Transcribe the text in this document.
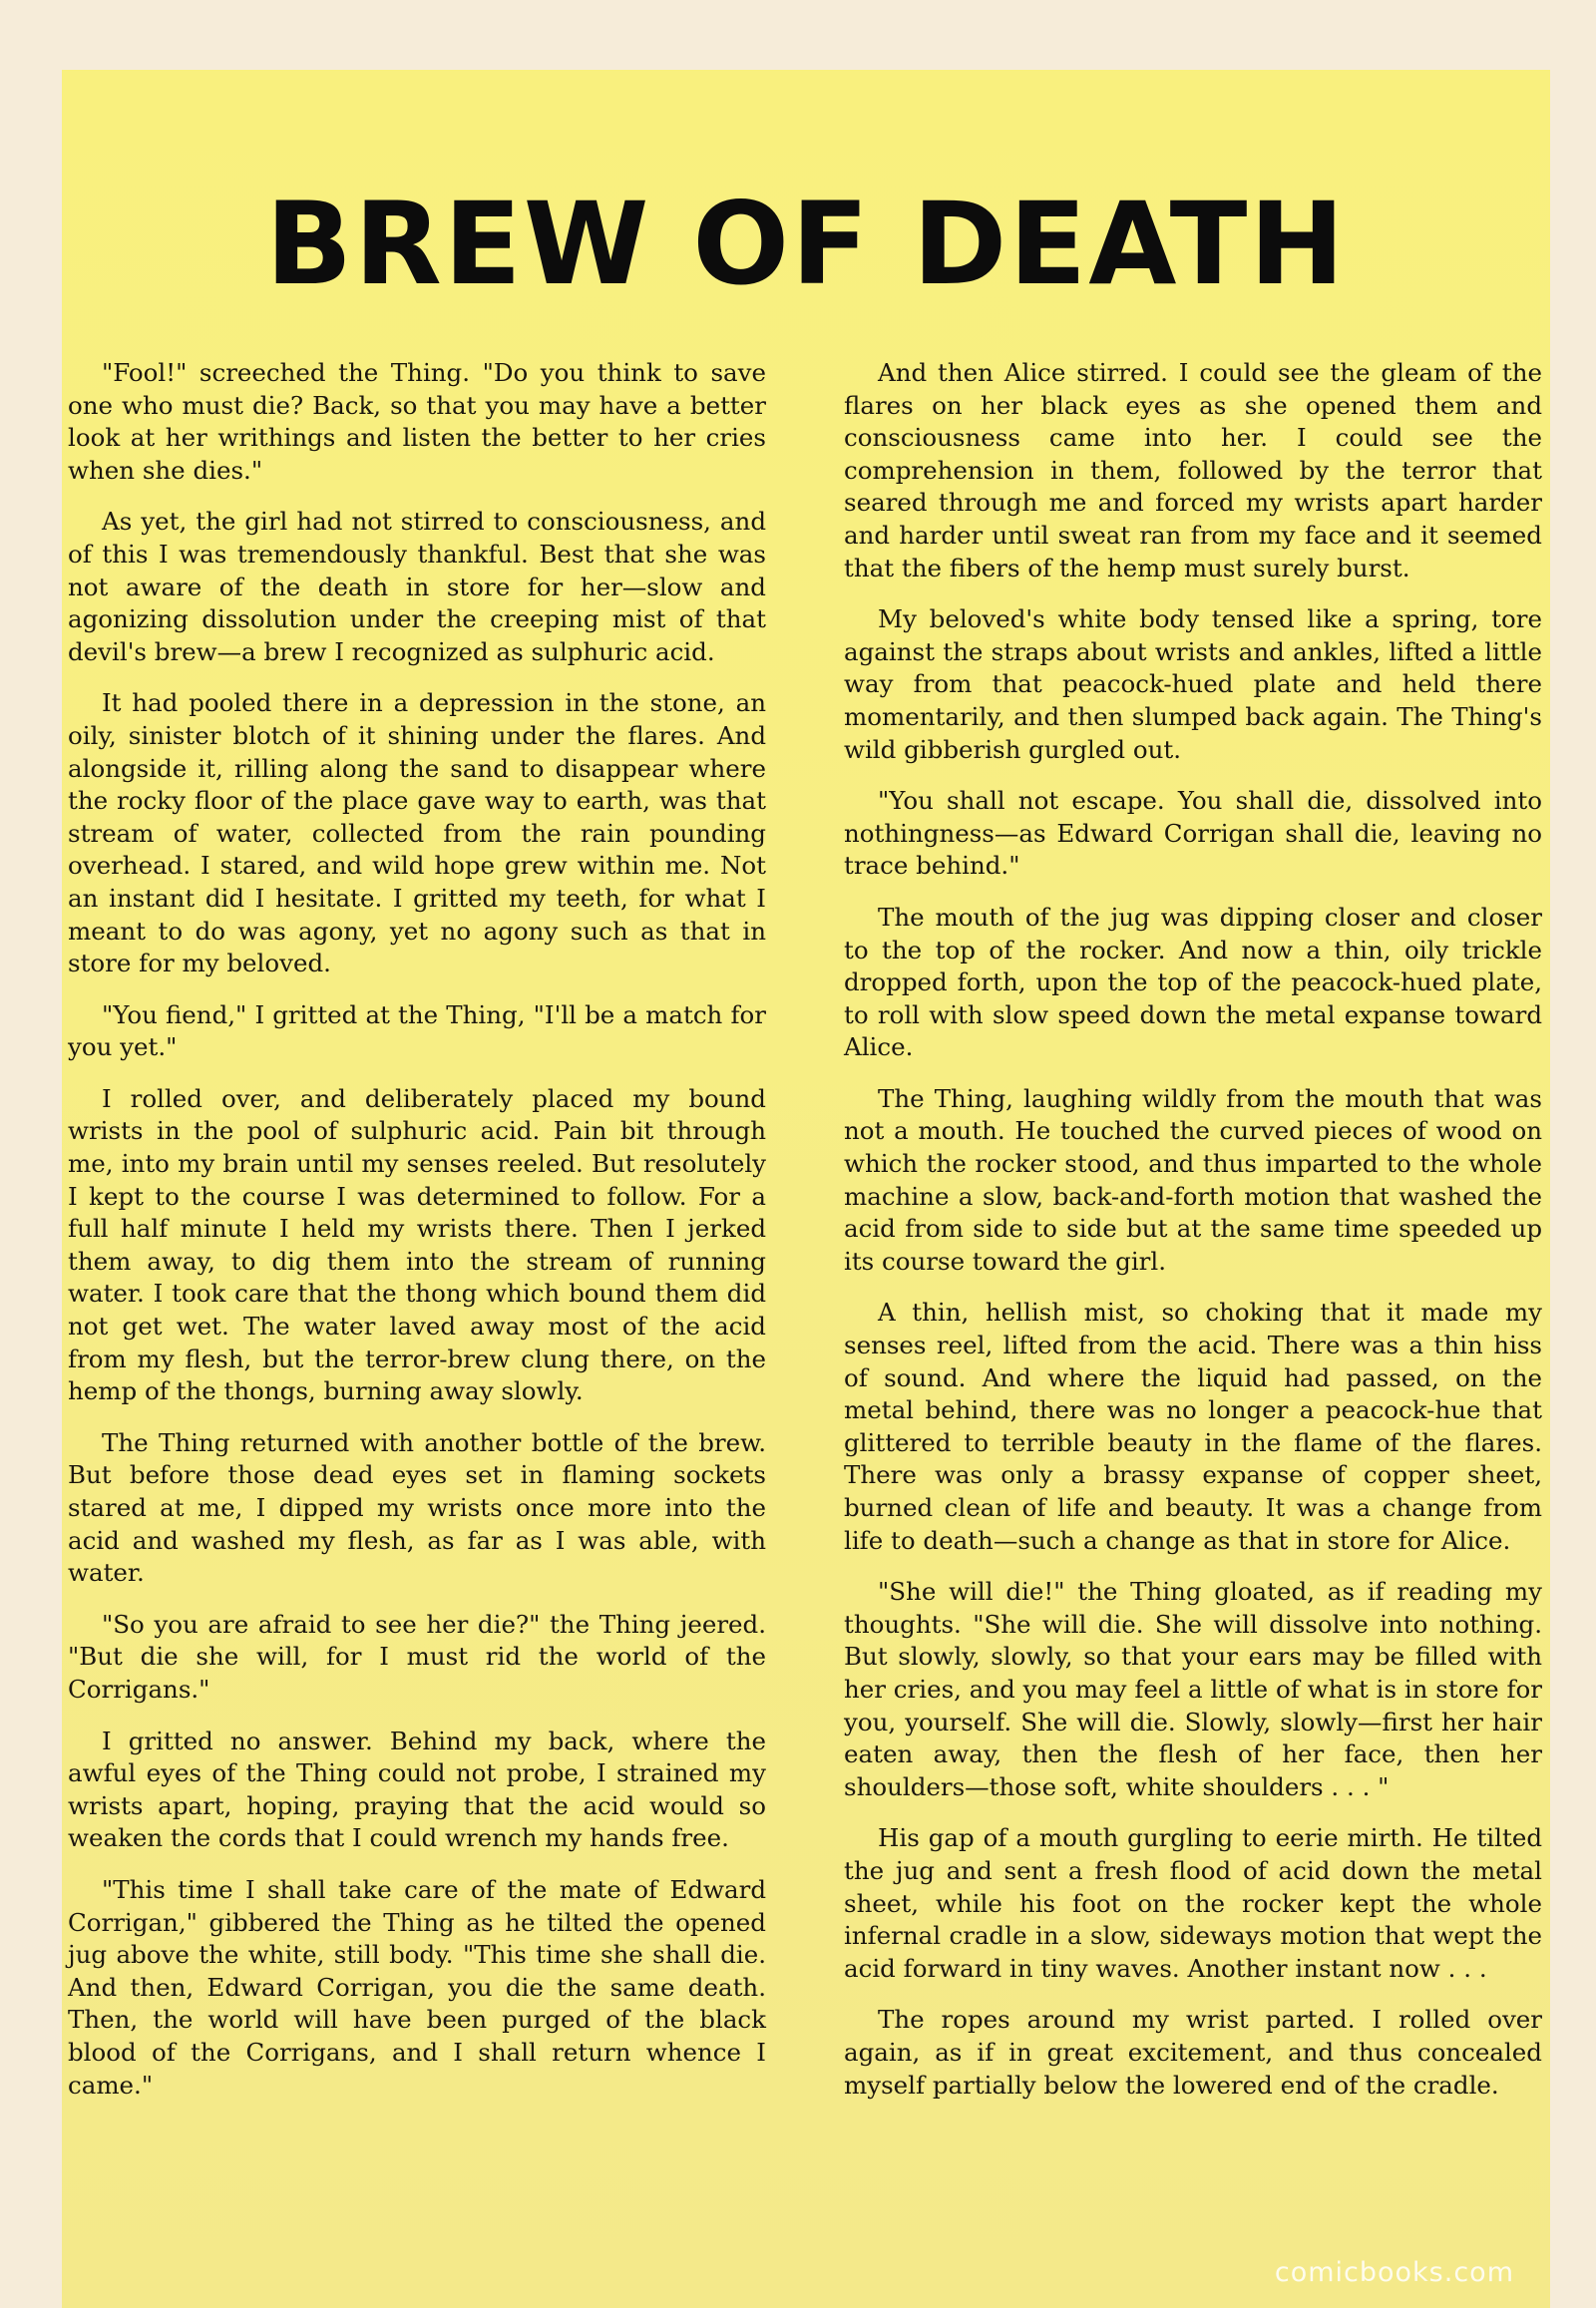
BREW OF DEATH

"Fool!" screeched the Thing. "Do you think to save one who must die? Back, so that you may have a better look at her writhings and listen the better to her cries when she dies."

As yet, the girl had not stirred to consciousness, and of this I was tremendously thankful. Best that she was not aware of the death in store for her—slow and agonizing dissolution under the creeping mist of that devil's brew—a brew I recognized as sulphuric acid.

It had pooled there in a depression in the stone, an oily, sinister blotch of it shining under the flares. And alongside it, rilling along the sand to disappear where the rocky floor of the place gave way to earth, was that stream of water, collected from the rain pounding overhead. I stared, and wild hope grew within me. Not an instant did I hesitate. I gritted my teeth, for what I meant to do was agony, yet no agony such as that in store for my beloved.

"You fiend," I gritted at the Thing, "I'll be a match for you yet."

I rolled over, and deliberately placed my bound wrists in the pool of sulphuric acid. Pain bit through me, into my brain until my senses reeled. But resolutely I kept to the course I was determined to follow. For a full half minute I held my wrists there. Then I jerked them away, to dig them into the stream of running water. I took care that the thong which bound them did not get wet. The water laved away most of the acid from my flesh, but the terror-brew clung there, on the hemp of the thongs, burning away slowly.

The Thing returned with another bottle of the brew. But before those dead eyes set in flaming sockets stared at me, I dipped my wrists once more into the acid and washed my flesh, as far as I was able, with water.

"So you are afraid to see her die?" the Thing jeered. "But die she will, for I must rid the world of the Corrigans."

I gritted no answer. Behind my back, where the awful eyes of the Thing could not probe, I strained my wrists apart, hoping, praying that the acid would so weaken the cords that I could wrench my hands free.

"This time I shall take care of the mate of Edward Corrigan," gibbered the Thing as he tilted the opened jug above the white, still body. "This time she shall die. And then, Edward Corrigan, you die the same death. Then, the world will have been purged of the black blood of the Corrigans, and I shall return whence I came."

And then Alice stirred. I could see the gleam of the flares on her black eyes as she opened them and consciousness came into her. I could see the comprehension in them, followed by the terror that seared through me and forced my wrists apart harder and harder until sweat ran from my face and it seemed that the fibers of the hemp must surely burst.

My beloved's white body tensed like a spring, tore against the straps about wrists and ankles, lifted a little way from that peacock-hued plate and held there momentarily, and then slumped back again. The Thing's wild gibberish gurgled out.

"You shall not escape. You shall die, dissolved into nothingness—as Edward Corrigan shall die, leaving no trace behind."

The mouth of the jug was dipping closer and closer to the top of the rocker. And now a thin, oily trickle dropped forth, upon the top of the peacock-hued plate, to roll with slow speed down the metal expanse toward Alice.

The Thing, laughing wildly from the mouth that was not a mouth. He touched the curved pieces of wood on which the rocker stood, and thus imparted to the whole machine a slow, back-and-forth motion that washed the acid from side to side but at the same time speeded up its course toward the girl.

A thin, hellish mist, so choking that it made my senses reel, lifted from the acid. There was a thin hiss of sound. And where the liquid had passed, on the metal behind, there was no longer a peacock-hue that glittered to terrible beauty in the flame of the flares. There was only a brassy expanse of copper sheet, burned clean of life and beauty. It was a change from life to death—such a change as that in store for Alice.

"She will die!" the Thing gloated, as if reading my thoughts. "She will die. She will dissolve into nothing. But slowly, slowly, so that your ears may be filled with her cries, and you may feel a little of what is in store for you, yourself. She will die. Slowly, slowly—first her hair eaten away, then the flesh of her face, then her shoulders—those soft, white shoulders . . . "

His gap of a mouth gurgling to eerie mirth. He tilted the jug and sent a fresh flood of acid down the metal sheet, while his foot on the rocker kept the whole infernal cradle in a slow, sideways motion that wept the acid forward in tiny waves. Another instant now . . .

The ropes around my wrist parted. I rolled over again, as if in great excitement, and thus concealed myself partially below the lowered end of the cradle.

comicbooks.com
